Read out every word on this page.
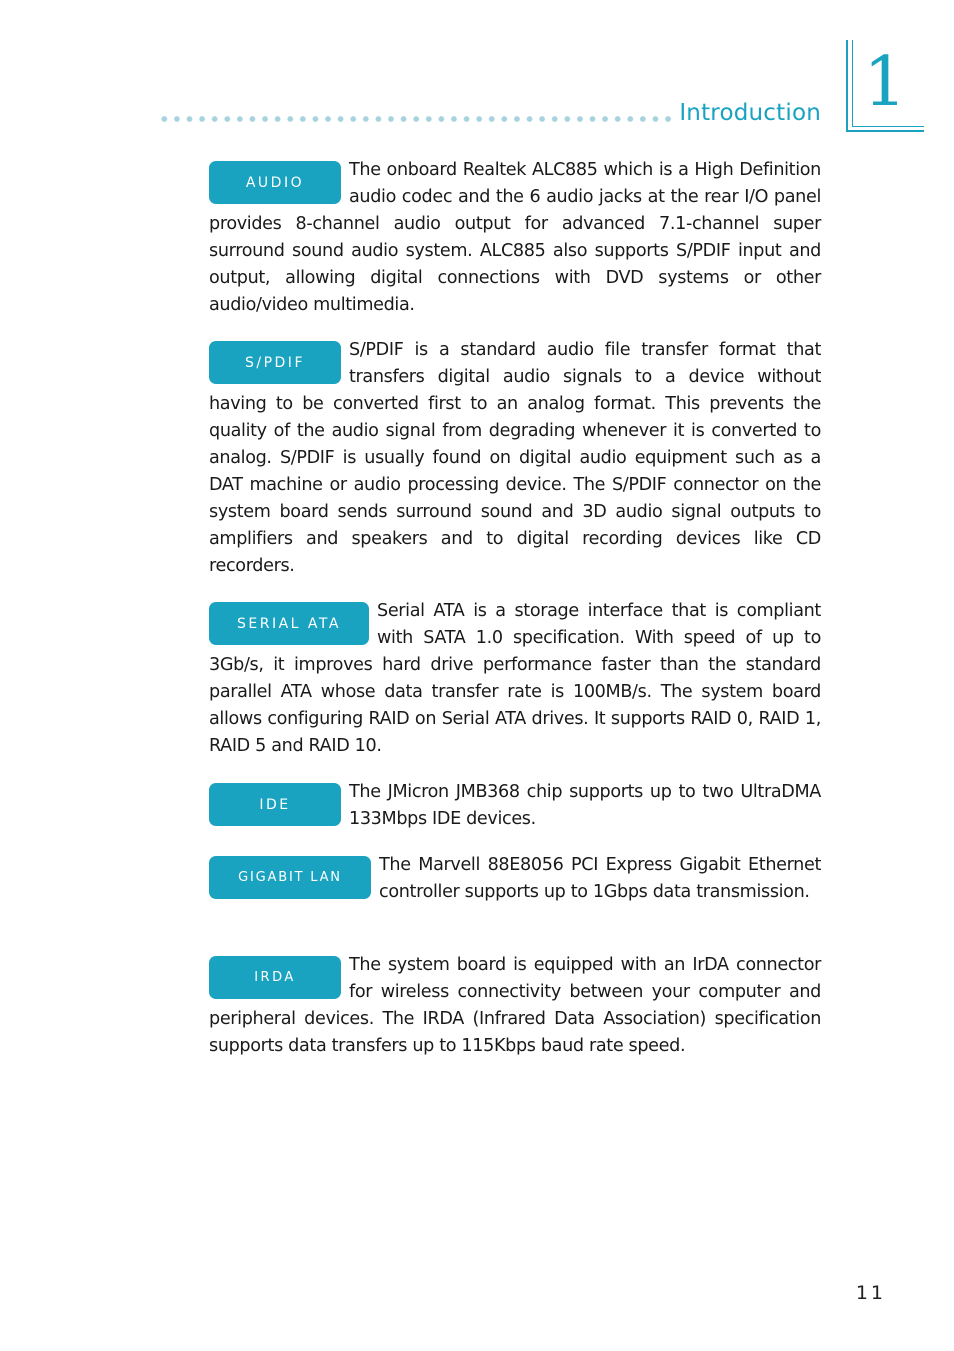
Introduction 1
AUDIO

The onboard Realtek ALC885 which is a High Definition audio codec and the 6 audio jacks at the rear I/O panel provides 8-channel audio output for advanced 7.1-channel super surround sound audio system. ALC885 also supports S/PDIF input and output, allowing digital connections with DVD systems or other audio/video multimedia.

S/PDIF

S/PDIF is a standard audio file transfer format that transfers digital audio signals to a device without having to be converted first to an analog format. This prevents the quality of the audio signal from degrading whenever it is converted to analog. S/PDIF is usually found on digital audio equipment such as a DAT machine or audio processing device. The S/PDIF connector on the system board sends surround sound and 3D audio signal outputs to amplifiers and speakers and to digital recording devices like CD recorders.

SERIAL ATA

Serial ATA is a storage interface that is compliant with SATA 1.0 specification. With speed of up to 3Gb/s, it improves hard drive performance faster than the standard parallel ATA whose data transfer rate is 100MB/s. The system board allows configuring RAID on Serial ATA drives. It supports RAID 0, RAID 1, RAID 5 and RAID 10.

IDE

The JMicron JMB368 chip supports up to two UltraDMA 133Mbps IDE devices.

GIGABIT LAN

The Marvell 88E8056 PCI Express Gigabit Ethernet controller supports up to 1Gbps data transmission.

IRDA

The system board is equipped with an IrDA connector for wireless connectivity between your computer and peripheral devices. The IRDA (Infrared Data Association) specification supports data transfers up to 115Kbps baud rate speed.

11
